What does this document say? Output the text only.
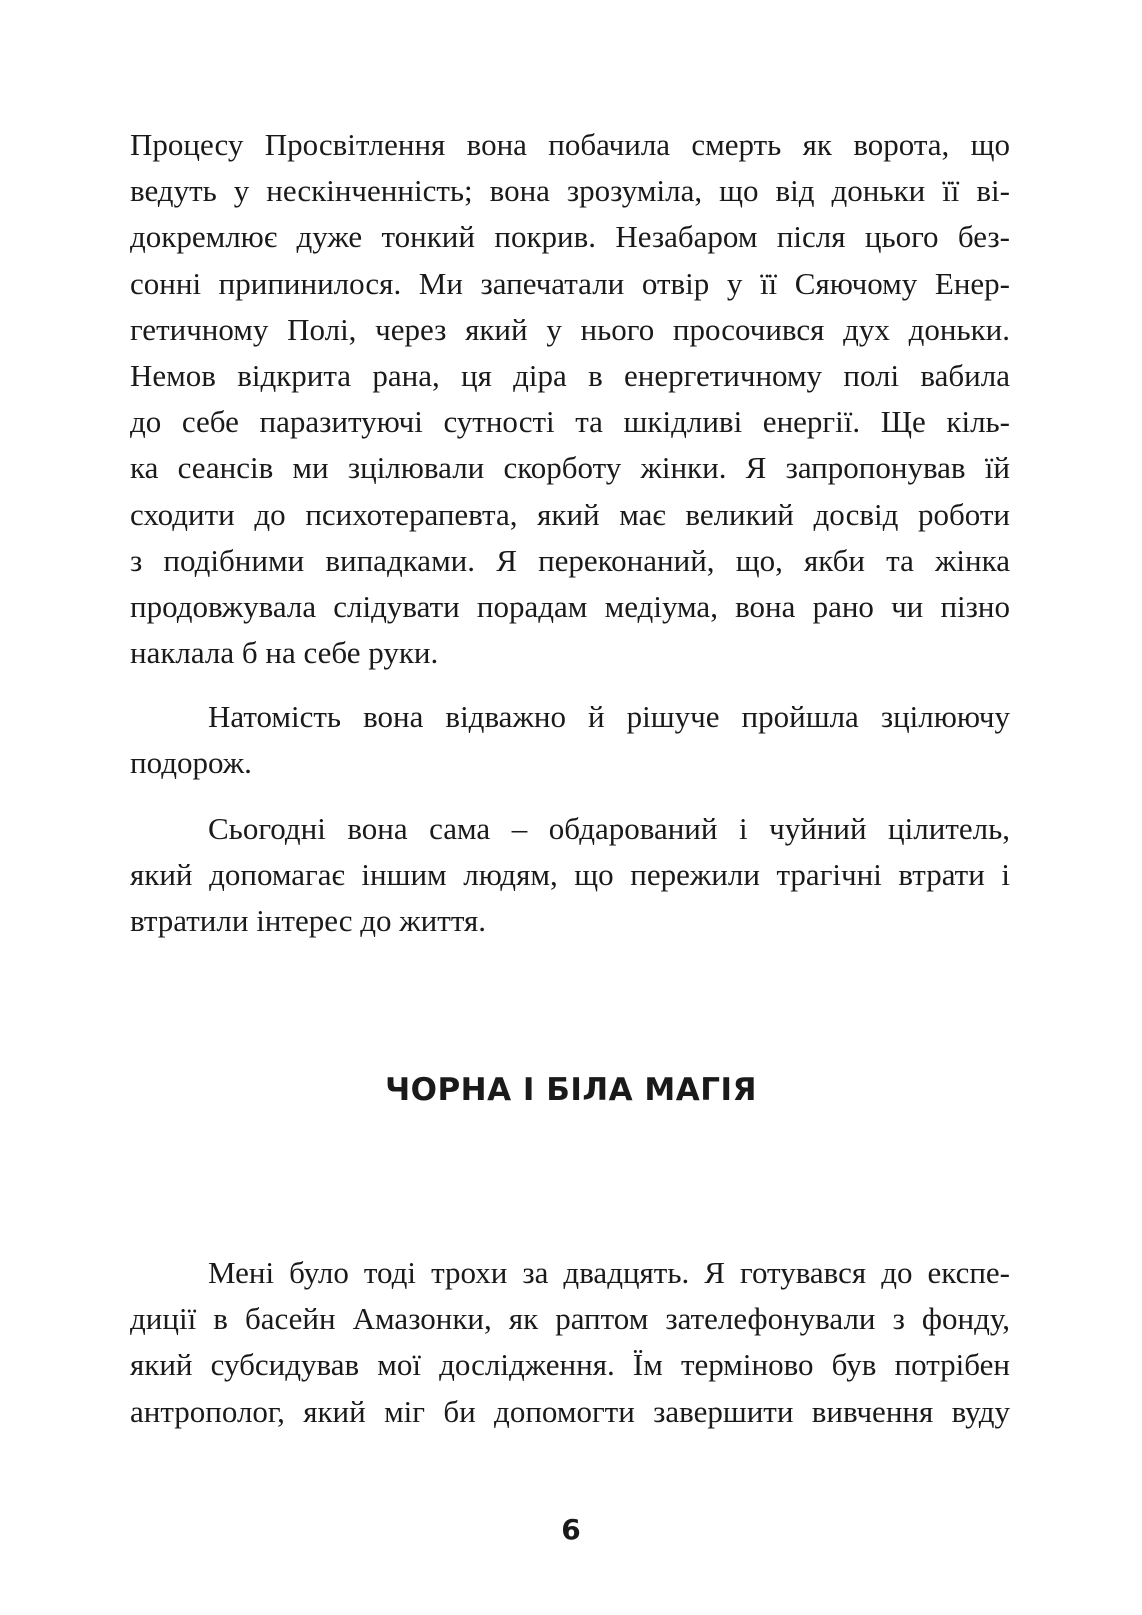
Процесу Просвітлення вона побачила смерть як ворота, що
ведуть у нескінченність; вона зрозуміла, що від доньки її ві-
докремлює дуже тонкий покрив. Незабаром після цього без-
сонні припинилося. Ми запечатали отвір у її Сяючому Енер-
гетичному Полі, через який у нього просочився дух доньки.
Немов відкрита рана, ця діра в енергетичному полі вабила
до себе паразитуючі сутності та шкідливі енергії. Ще кіль-
ка сеансів ми зцілювали скорботу жінки. Я запропонував їй
сходити до психотерапевта, який має великий досвід роботи
з подібними випадками. Я переконаний, що, якби та жінка
продовжувала слідувати порадам медіума, вона рано чи пізно
наклала б на себе руки.
Натомість вона відважно й рішуче пройшла зцілюючу
подорож.
Сьогодні вона сама – обдарований і чуйний цілитель,
який допомагає іншим людям, що пережили трагічні втрати і
втратили інтерес до життя.
ЧОРНА І БІЛА МАГІЯ
Мені було тоді трохи за двадцять. Я готувався до експе-
диції в басейн Амазонки, як раптом зателефонували з фонду,
який субсидував мої дослідження. Їм терміново був потрібен
антрополог, який міг би допомогти завершити вивчення вуду
6
